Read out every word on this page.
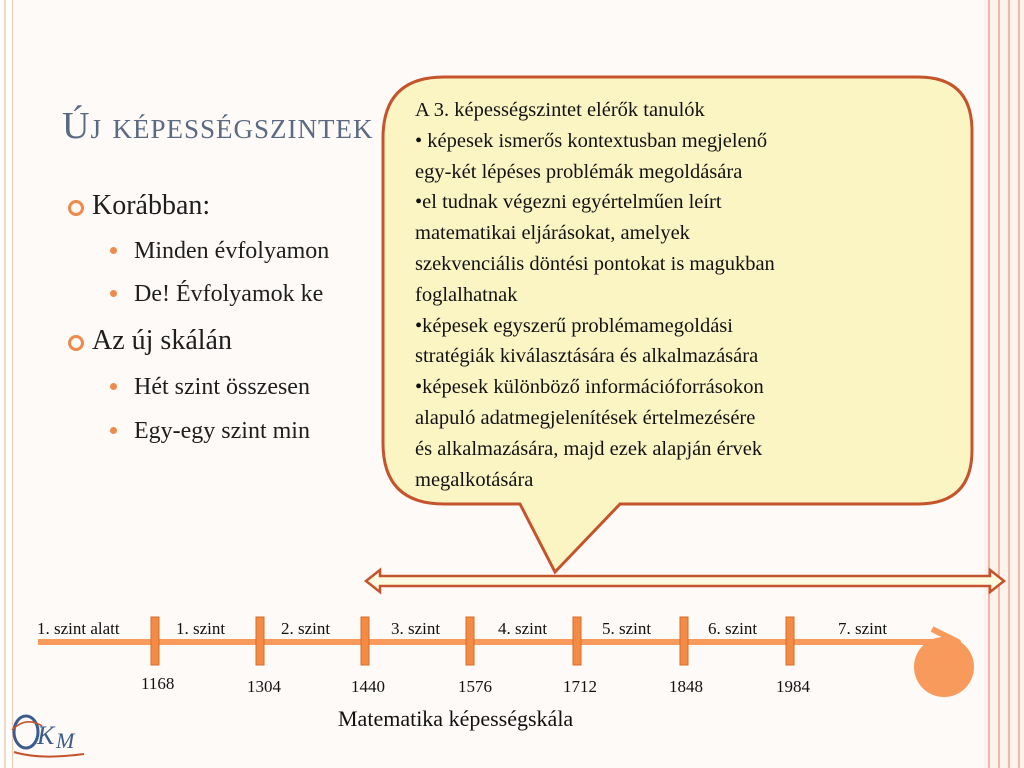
Új képességszintek
Korábban:
Minden évfolyamon
De! Évfolyamok ke
Az új skálán
Hét szint összesen
Egy-egy szint min
A 3. képességszintet elérők tanulók
• képesek ismerős kontextusban megjelenő
egy-két lépéses problémák megoldására
•el tudnak végezni egyértelműen leírt
matematikai eljárásokat, amelyek
szekvenciális döntési pontokat is magukban
foglalhatnak
•képesek egyszerű problémamegoldási
stratégiák kiválasztására és alkalmazására
•képesek különböző információforrásokon
alapuló adatmegjelenítések értelmezésére
és alkalmazására, majd ezek alapján érvek
megalkotására
1. szint alatt	1. szint	2. szint	3. szint	4. szint	5. szint	6. szint	7. szint
1168	1304	1440	1576	1712	1848	1984
Matematika képességskála
K M
